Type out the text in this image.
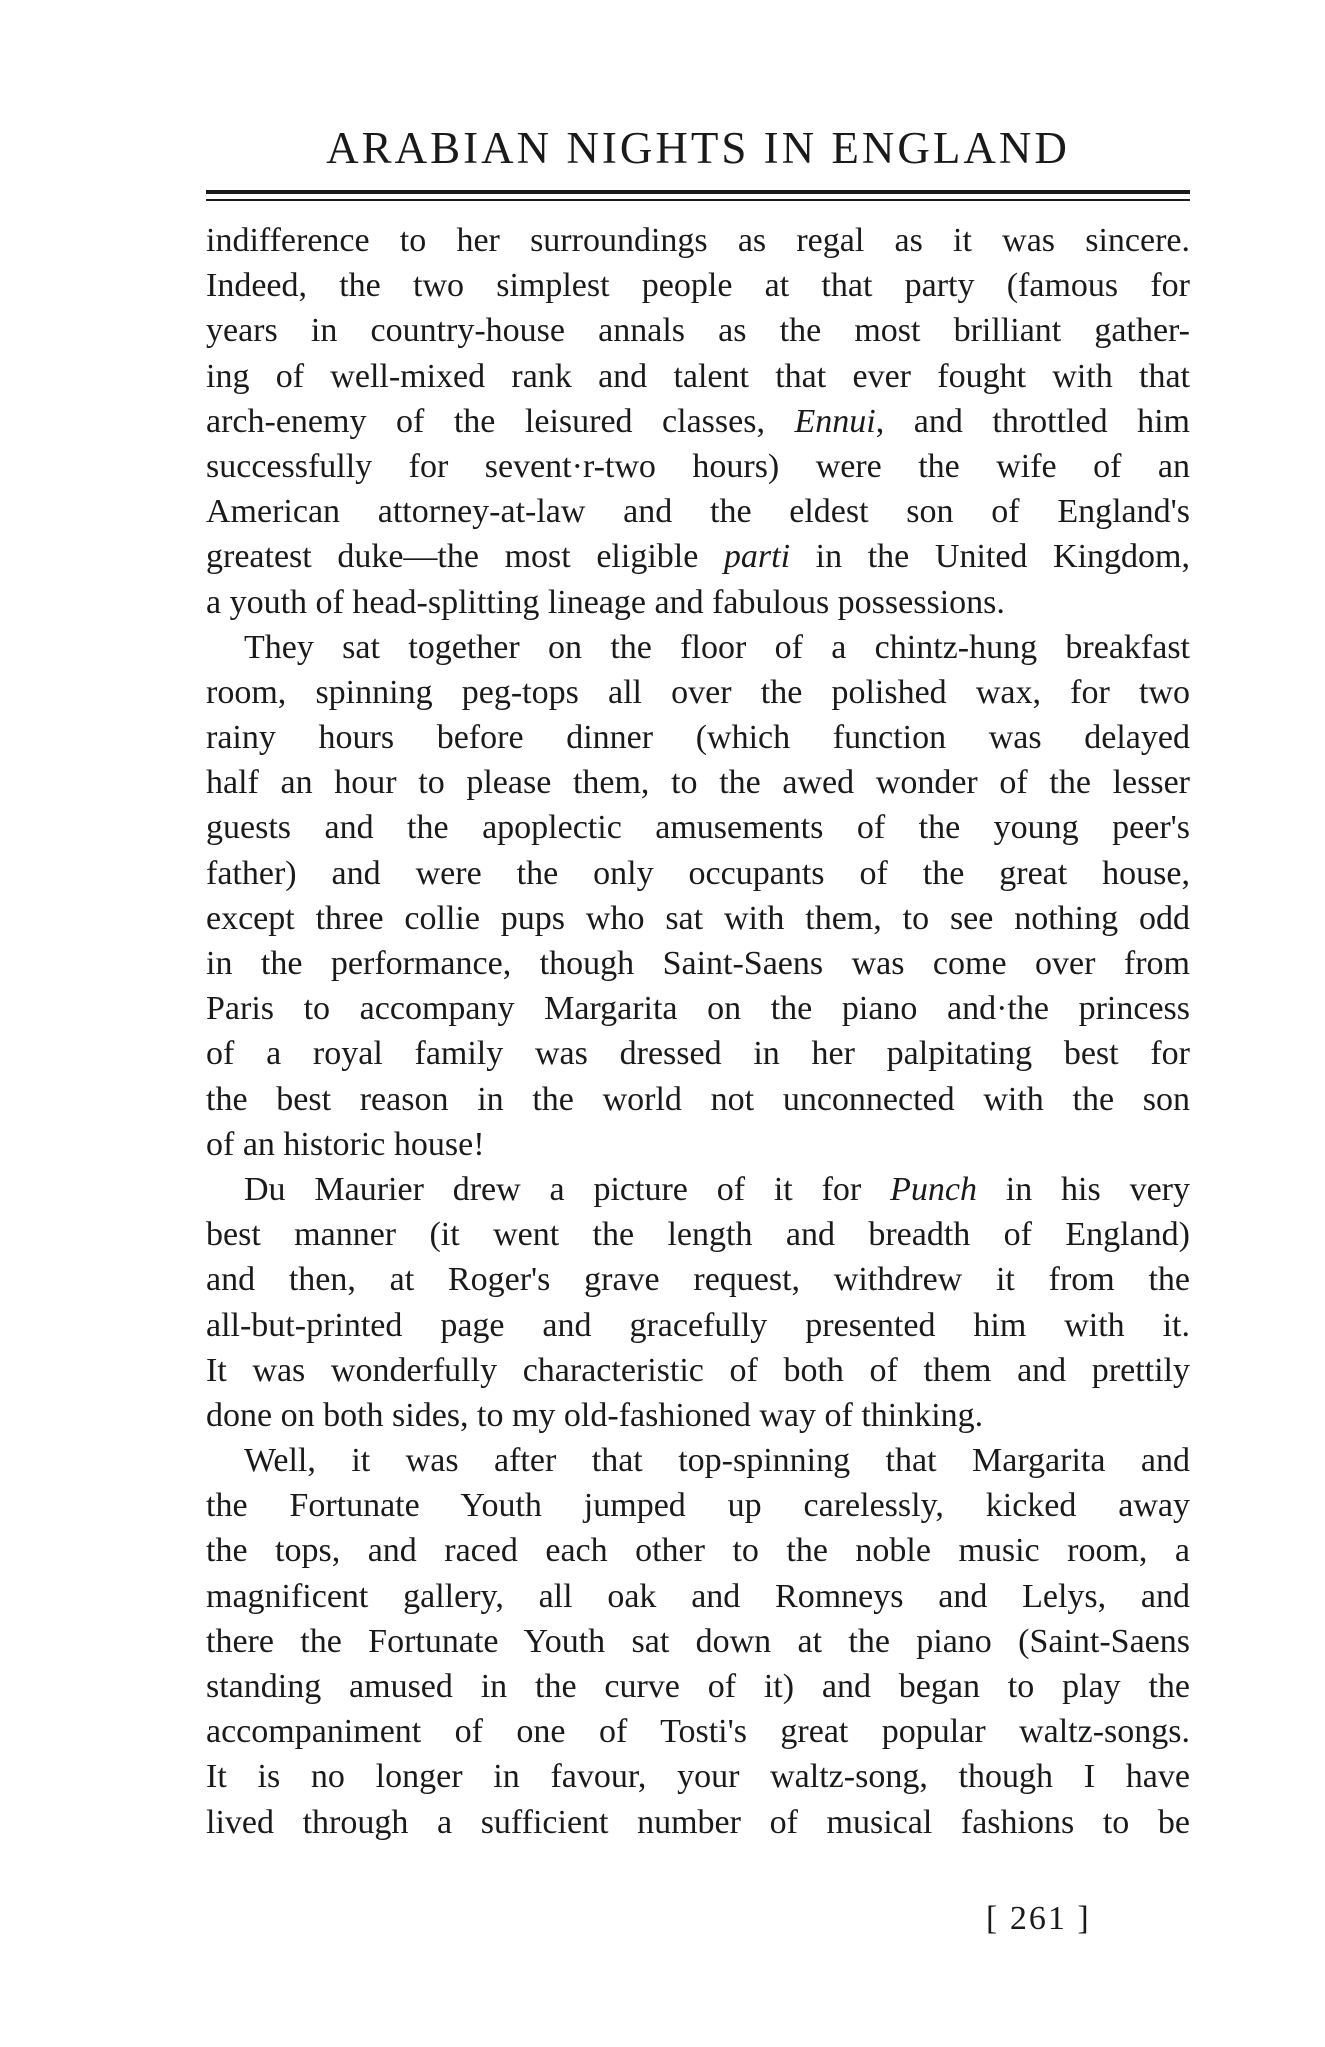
ARABIAN NIGHTS IN ENGLAND
indifference to her surroundings as regal as it was sincere.
Indeed, the two simplest people at that party (famous for
years in country-house annals as the most brilliant gather-
ing of well-mixed rank and talent that ever fought with that
arch-enemy of the leisured classes, Ennui, and throttled him
successfully for sevent·r-two hours) were the wife of an
American attorney-at-law and the eldest son of England's
greatest duke—the most eligible parti in the United Kingdom,
a youth of head-splitting lineage and fabulous possessions.
They sat together on the floor of a chintz-hung breakfast
room, spinning peg-tops all over the polished wax, for two
rainy hours before dinner (which function was delayed
half an hour to please them, to the awed wonder of the lesser
guests and the apoplectic amusements of the young peer's
father) and were the only occupants of the great house,
except three collie pups who sat with them, to see nothing odd
in the performance, though Saint-Saens was come over from
Paris to accompany Margarita on the piano and·the princess
of a royal family was dressed in her palpitating best for
the best reason in the world not unconnected with the son
of an historic house!
Du Maurier drew a picture of it for Punch in his very
best manner (it went the length and breadth of England)
and then, at Roger's grave request, withdrew it from the
all-but-printed page and gracefully presented him with it.
It was wonderfully characteristic of both of them and prettily
done on both sides, to my old-fashioned way of thinking.
Well, it was after that top-spinning that Margarita and
the Fortunate Youth jumped up carelessly, kicked away
the tops, and raced each other to the noble music room, a
magnificent gallery, all oak and Romneys and Lelys, and
there the Fortunate Youth sat down at the piano (Saint-Saens
standing amused in the curve of it) and began to play the
accompaniment of one of Tosti's great popular waltz-songs.
It is no longer in favour, your waltz-song, though I have
lived through a sufficient number of musical fashions to be
[ 261 ]
